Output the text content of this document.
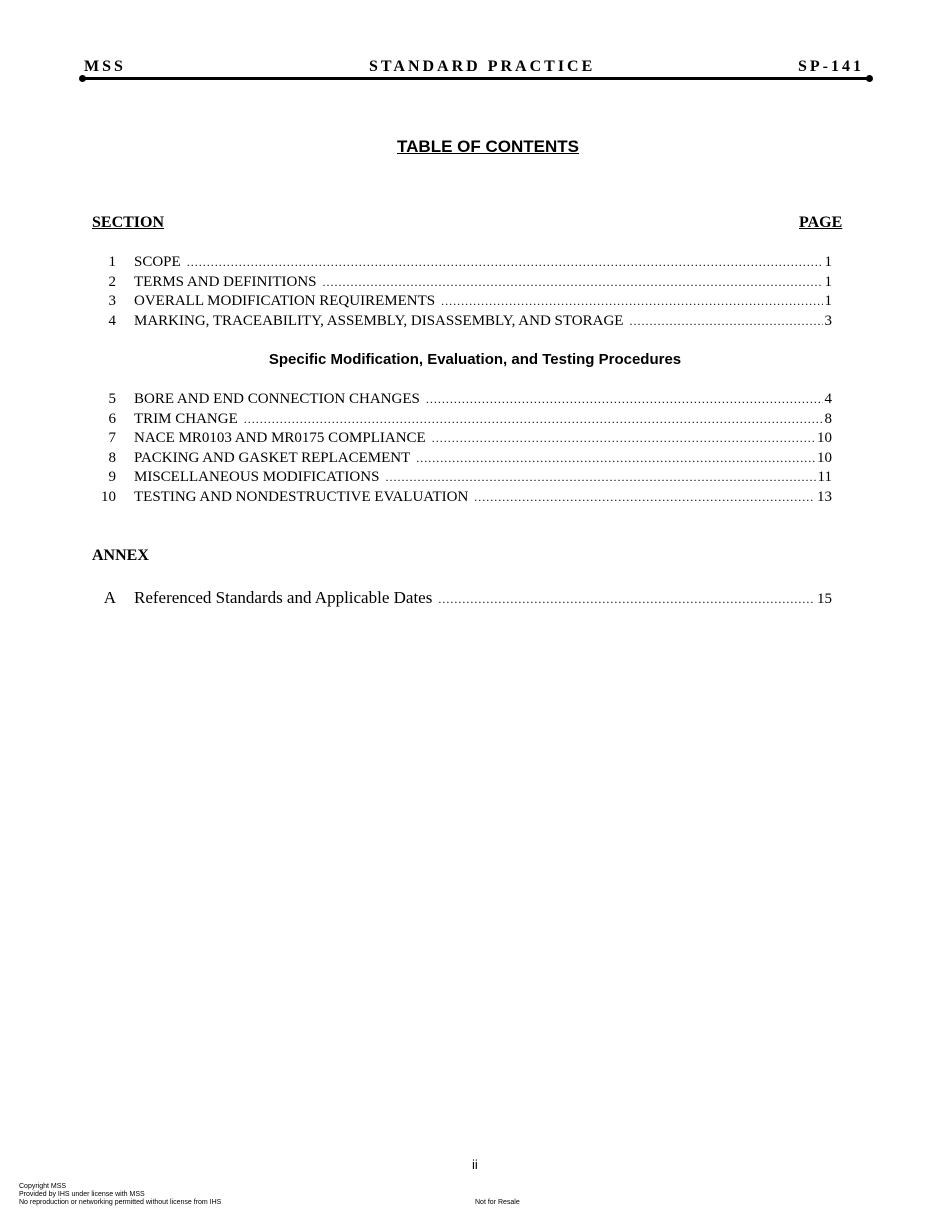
MSS	STANDARD PRACTICE	SP-141
TABLE OF CONTENTS
SECTION	PAGE
1 SCOPE . . .	1
2 TERMS AND DEFINITIONS . . .	1
3 OVERALL MODIFICATION REQUIREMENTS . . .	1
4 MARKING, TRACEABILITY, ASSEMBLY, DISASSEMBLY, AND STORAGE . . .	3
Specific Modification, Evaluation, and Testing Procedures
5 BORE AND END CONNECTION CHANGES . . .	4
6 TRIM CHANGE . . .	8
7 NACE MR0103 AND MR0175 COMPLIANCE . . .	10
8 PACKING AND GASKET REPLACEMENT . . .	10
9 MISCELLANEOUS MODIFICATIONS . . .	11
10 TESTING AND NONDESTRUCTIVE EVALUATION . . .	13
ANNEX
A Referenced Standards and Applicable Dates . . .	15
ii
Copyright MSS
Provided by IHS under license with MSS
No reproduction or networking permitted without license from IHS	Not for Resale
